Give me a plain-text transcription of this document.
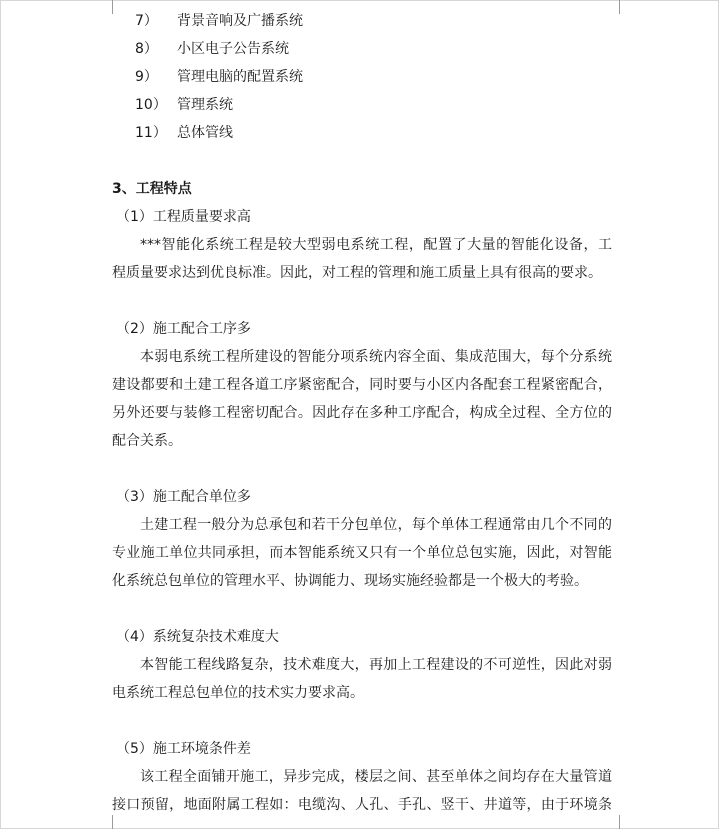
7）	背景音响及广播系统
8）	小区电子公告系统
9）	管理电脑的配置系统
10） 管理系统
11） 总体管线
3、工程特点
（1）工程质量要求高

***智能化系统工程是较大型弱电系统工程，配置了大量的智能化设备，工

程质量要求达到优良标准。因此，对工程的管理和施工质量上具有很高的要求。

（2）施工配合工序多

本弱电系统工程所建设的智能分项系统内容全面、集成范围大，每个分系统

建设都要和土建工程各道工序紧密配合，同时要与小区内各配套工程紧密配合，

另外还要与装修工程密切配合。因此存在多种工序配合，构成全过程、全方位的

配合关系。

（3）施工配合单位多

土建工程一般分为总承包和若干分包单位，每个单体工程通常由几个不同的

专业施工单位共同承担，而本智能系统又只有一个单位总包实施，因此，对智能

化系统总包单位的管理水平、协调能力、现场实施经验都是一个极大的考验。

（4）系统复杂技术难度大

本智能工程线路复杂，技术难度大，再加上工程建设的不可逆性，因此对弱

电系统工程总包单位的技术实力要求高。

（5）施工环境条件差

该工程全面铺开施工，异步完成，楼层之间、甚至单体之间均存在大量管道

接口预留，地面附属工程如：电缆沟、人孔、手孔、竖干、井道等，由于环境条
